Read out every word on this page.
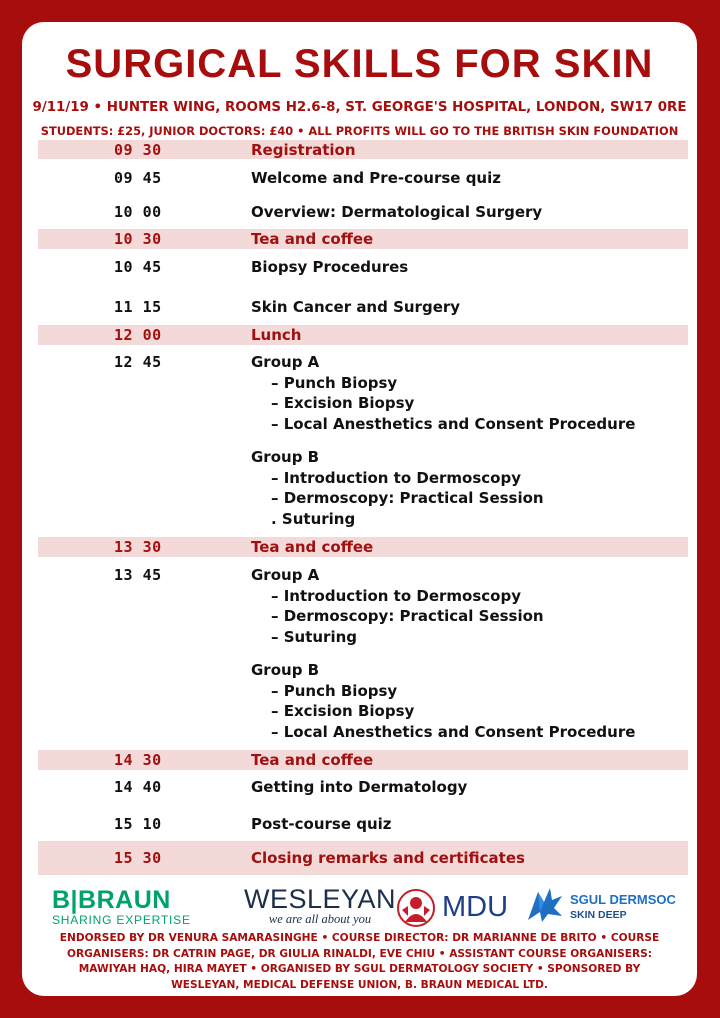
SURGICAL SKILLS FOR SKIN
9/11/19 • HUNTER WING, ROOMS H2.6-8, ST. GEORGE'S HOSPITAL, LONDON, SW17 0RE
STUDENTS: £25, JUNIOR DOCTORS: £40 • ALL PROFITS WILL GO TO THE BRITISH SKIN FOUNDATION
09 30	Registration
09 45	Welcome and Pre-course quiz
10 00	Overview: Dermatological Surgery
10 30	Tea and coffee
10 45	Biopsy Procedures
11 15	Skin Cancer and Surgery
12 00	Lunch
12 45	Group A
– Punch Biopsy
– Excision Biopsy
– Local Anesthetics and Consent Procedure
Group B
– Introduction to Dermoscopy
– Dermoscopy: Practical Session
. Suturing
13 30	Tea and coffee
13 45	Group A
– Introduction to Dermoscopy
– Dermoscopy: Practical Session
– Suturing
Group B
– Punch Biopsy
– Excision Biopsy
– Local Anesthetics and Consent Procedure
14 30	Tea and coffee
14 40	Getting into Dermatology
15 10	Post-course quiz
15 30	Closing remarks and certificates
B|BRAUN
SHARING EXPERTISE
WESLEYAN
we are all about you	MDU	SGUL DERMSOC
SKIN DEEP
ENDORSED BY DR VENURA SAMARASINGHE • COURSE DIRECTOR: DR MARIANNE DE BRITO • COURSE ORGANISERS: DR CATRIN PAGE, DR GIULIA RINALDI, EVE CHIU • ASSISTANT COURSE ORGANISERS: MAWIYAH HAQ, HIRA MAYET • ORGANISED BY SGUL DERMATOLOGY SOCIETY • SPONSORED BY WESLEYAN, MEDICAL DEFENSE UNION, B. BRAUN MEDICAL LTD.
